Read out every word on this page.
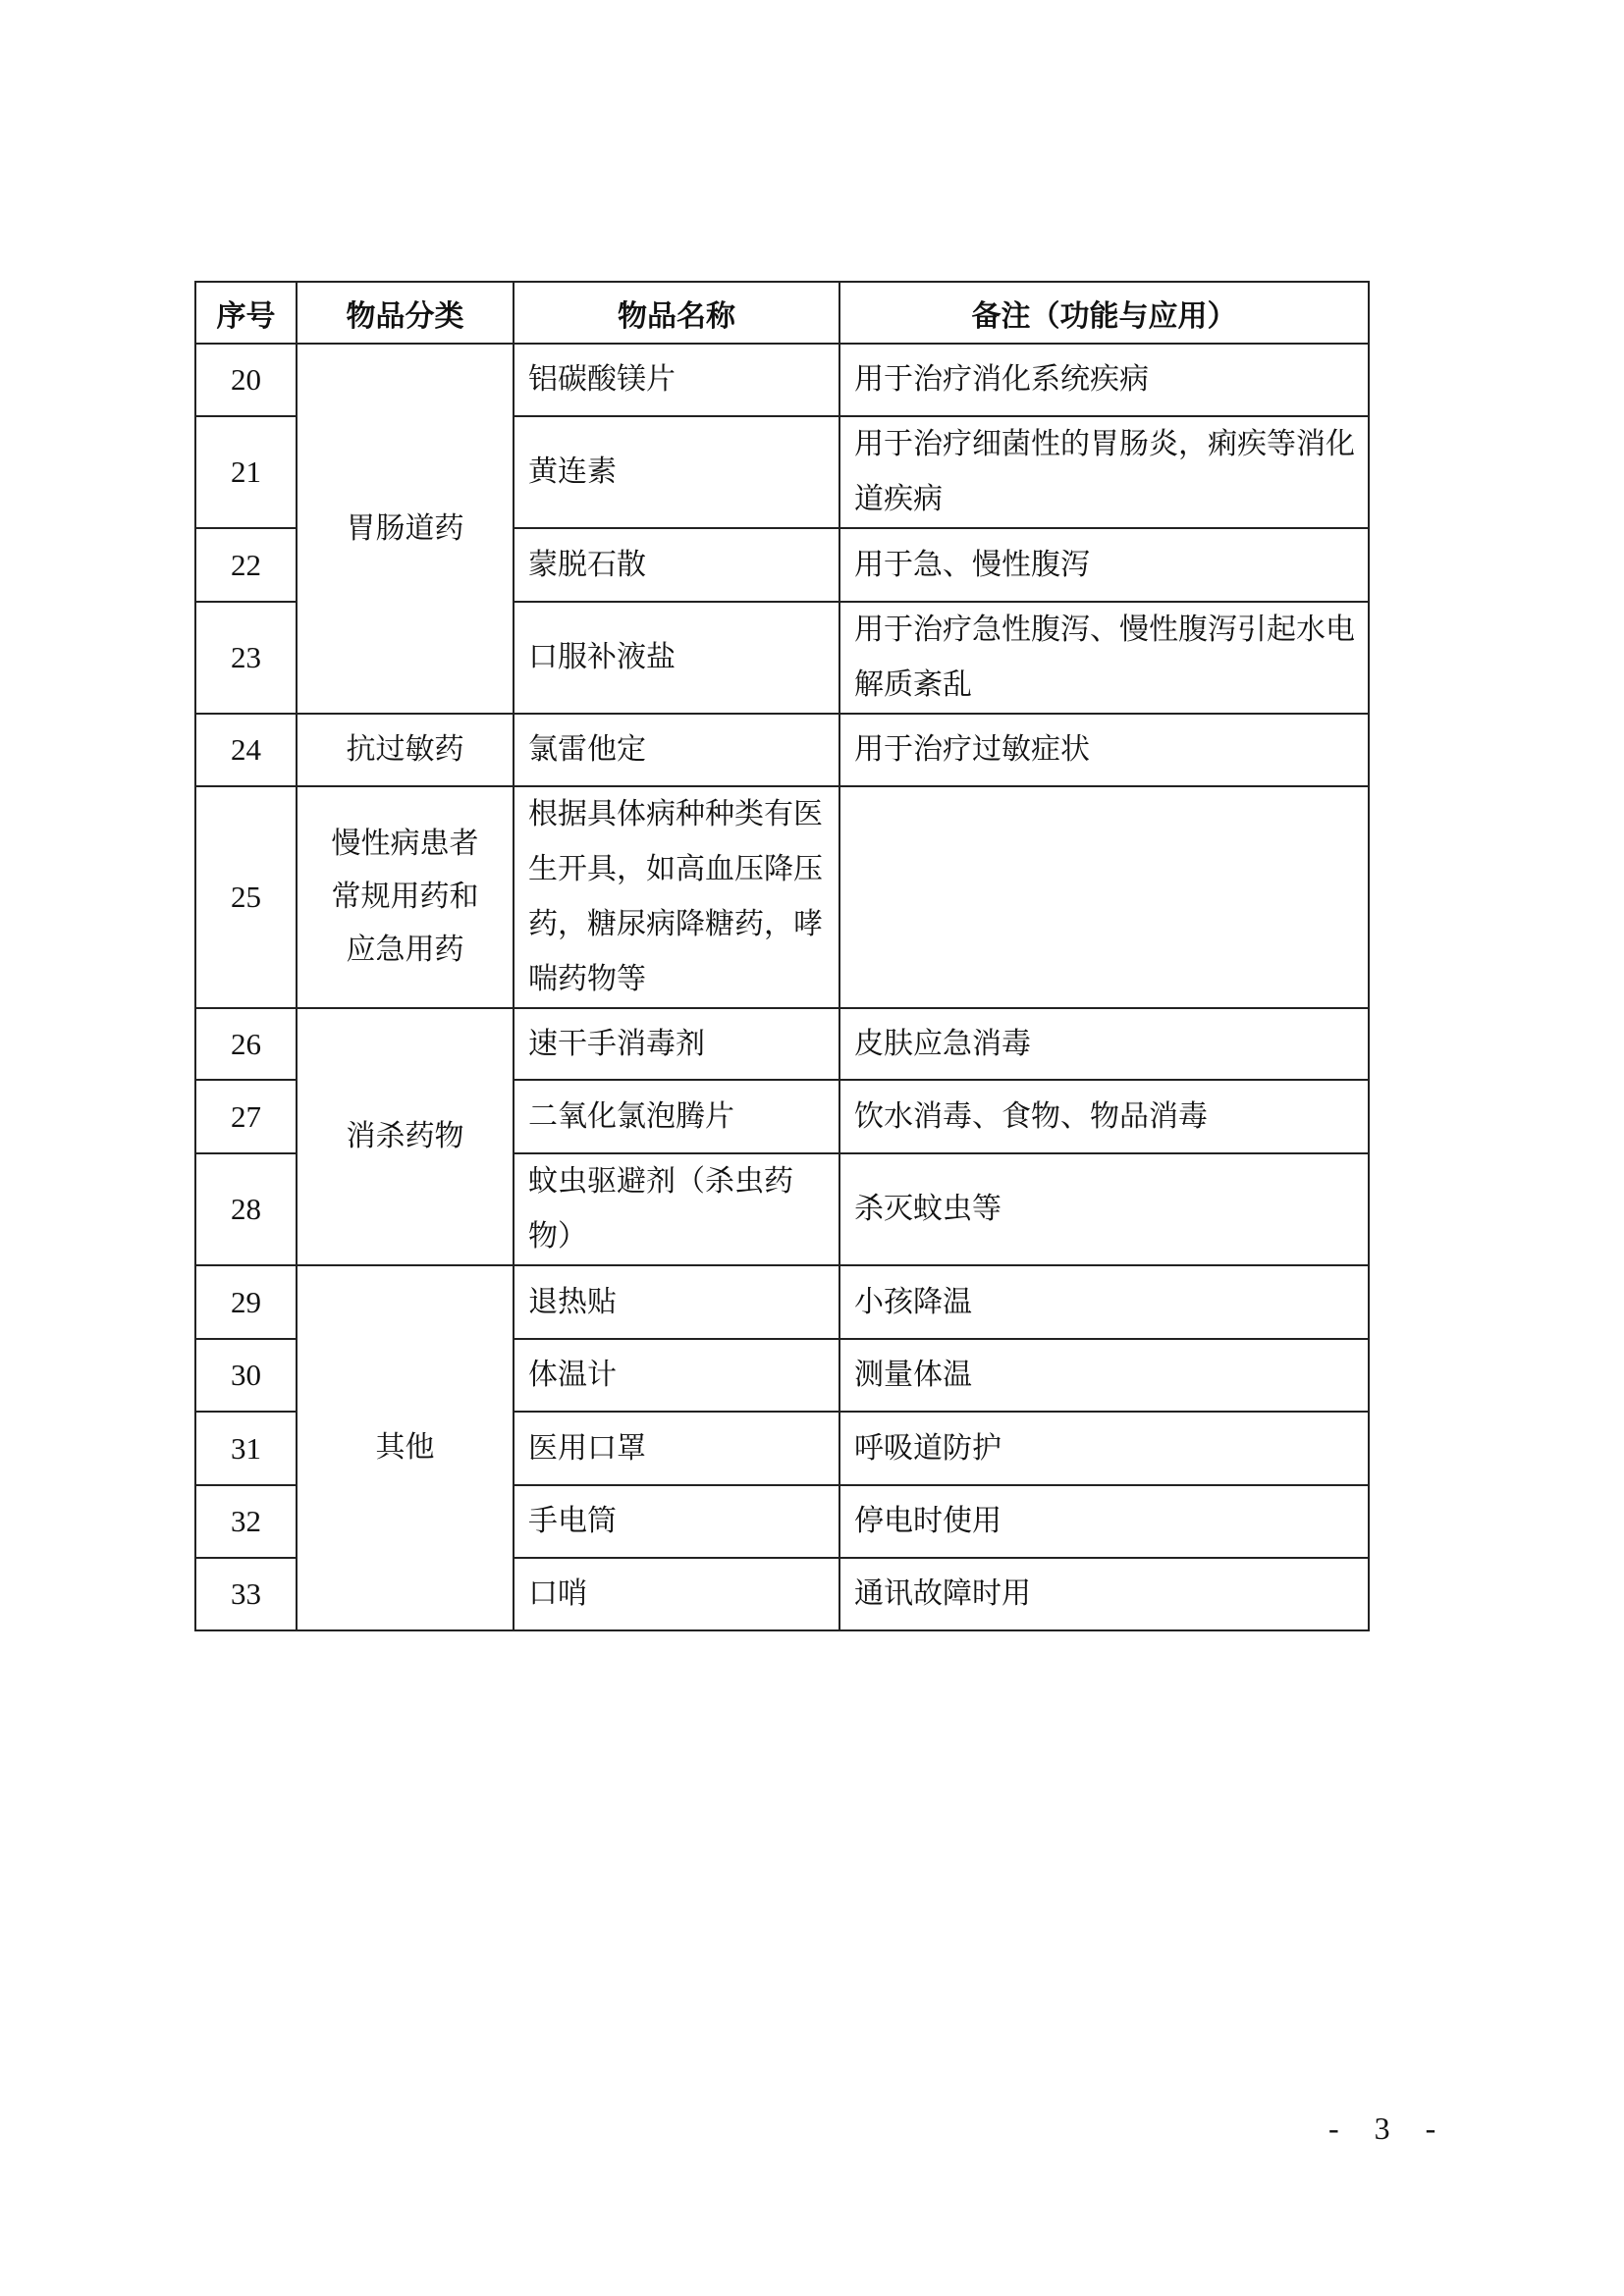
序号	物品分类	物品名称	备注（功能与应用）
20	胃肠道药	铝碳酸镁片	用于治疗消化系统疾病
21		黄连素	用于治疗细菌性的胃肠炎，痢疾等消化道疾病
22		蒙脱石散	用于急、慢性腹泻
23		口服补液盐	用于治疗急性腹泻、慢性腹泻引起水电解质紊乱
24	抗过敏药	氯雷他定	用于治疗过敏症状
25	慢性病患者常规用药和应急用药	根据具体病种种类有医生开具，如高血压降压药，糖尿病降糖药，哮喘药物等	
26	消杀药物	速干手消毒剂	皮肤应急消毒
27		二氧化氯泡腾片	饮水消毒、食物、物品消毒
28		蚊虫驱避剂（杀虫药物）	杀灭蚊虫等
29	其他	退热贴	小孩降温
30		体温计	测量体温
31		医用口罩	呼吸道防护
32		手电筒	停电时使用
33		口哨	通讯故障时用
- 3 -
